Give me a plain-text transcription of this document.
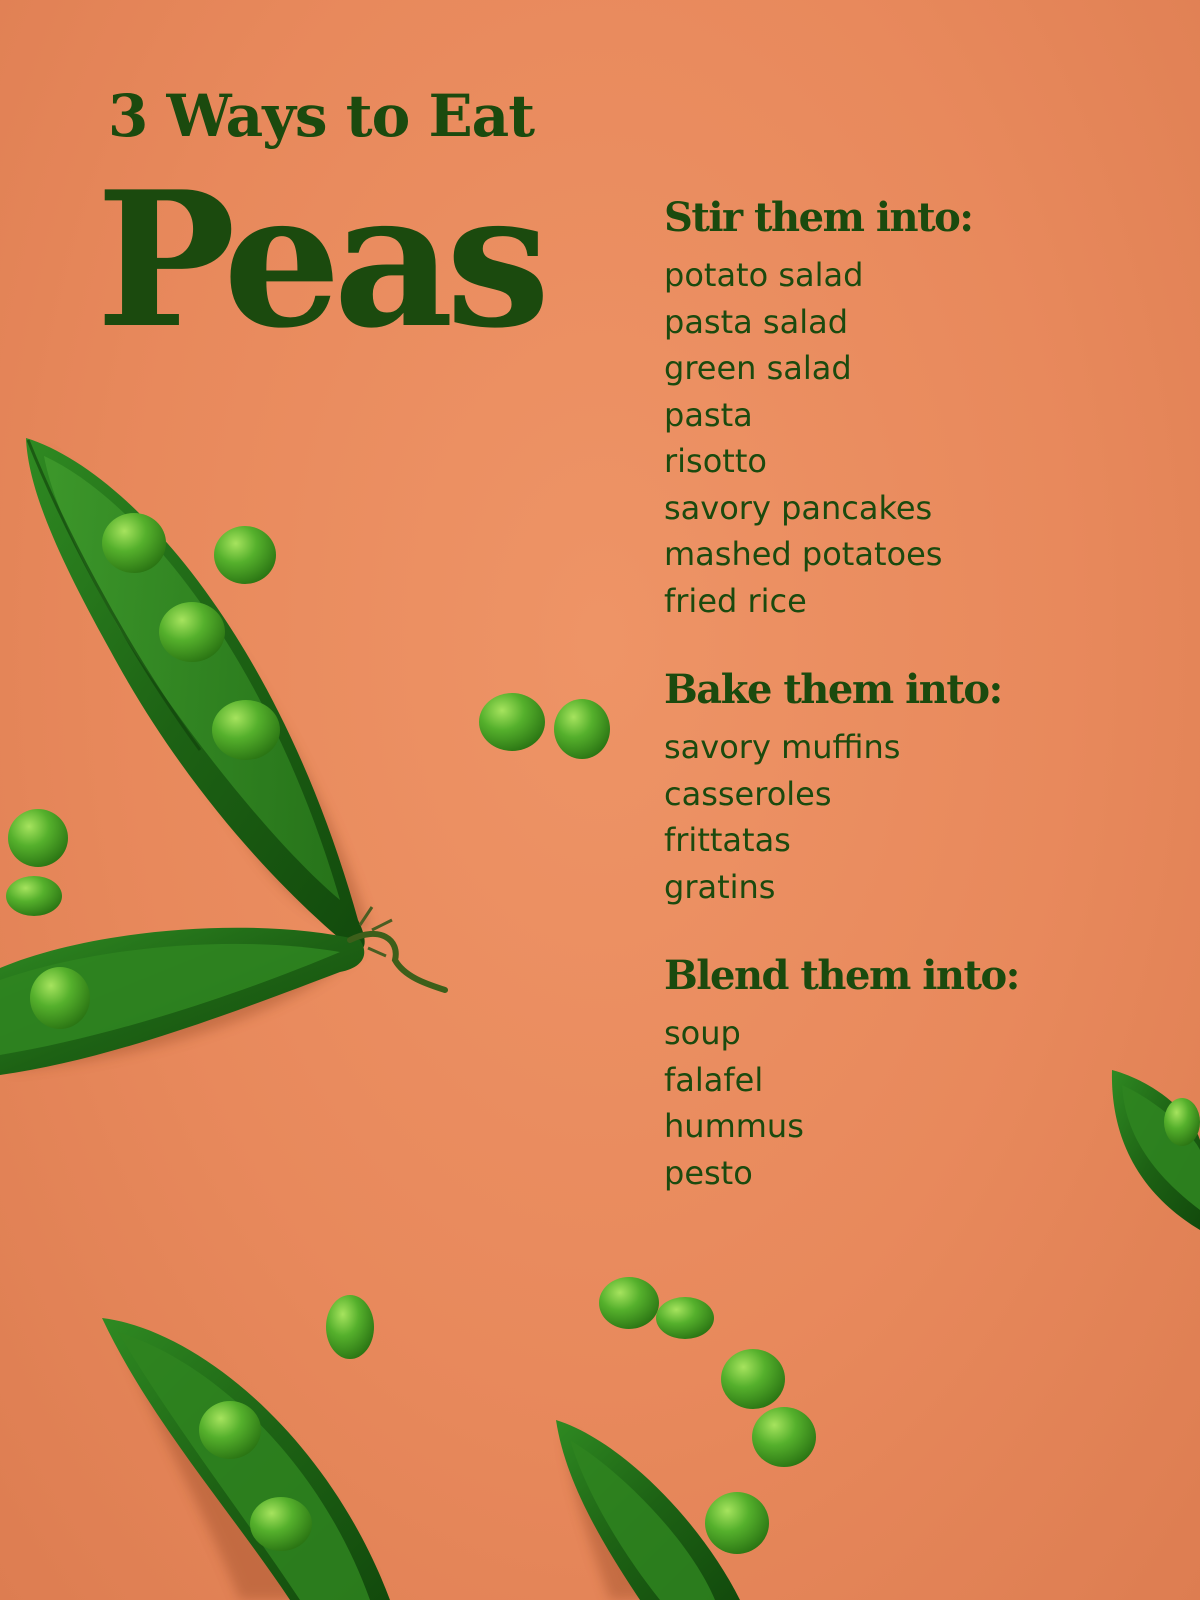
3 Ways to Eat

Peas	Stir them into:

potato salad
pasta salad
green salad
pasta
risotto
savory pancakes
mashed potatoes
fried rice

Bake them into:

savory muffins
casseroles
frittatas
gratins

Blend them into:

soup
falafel
hummus
pesto
